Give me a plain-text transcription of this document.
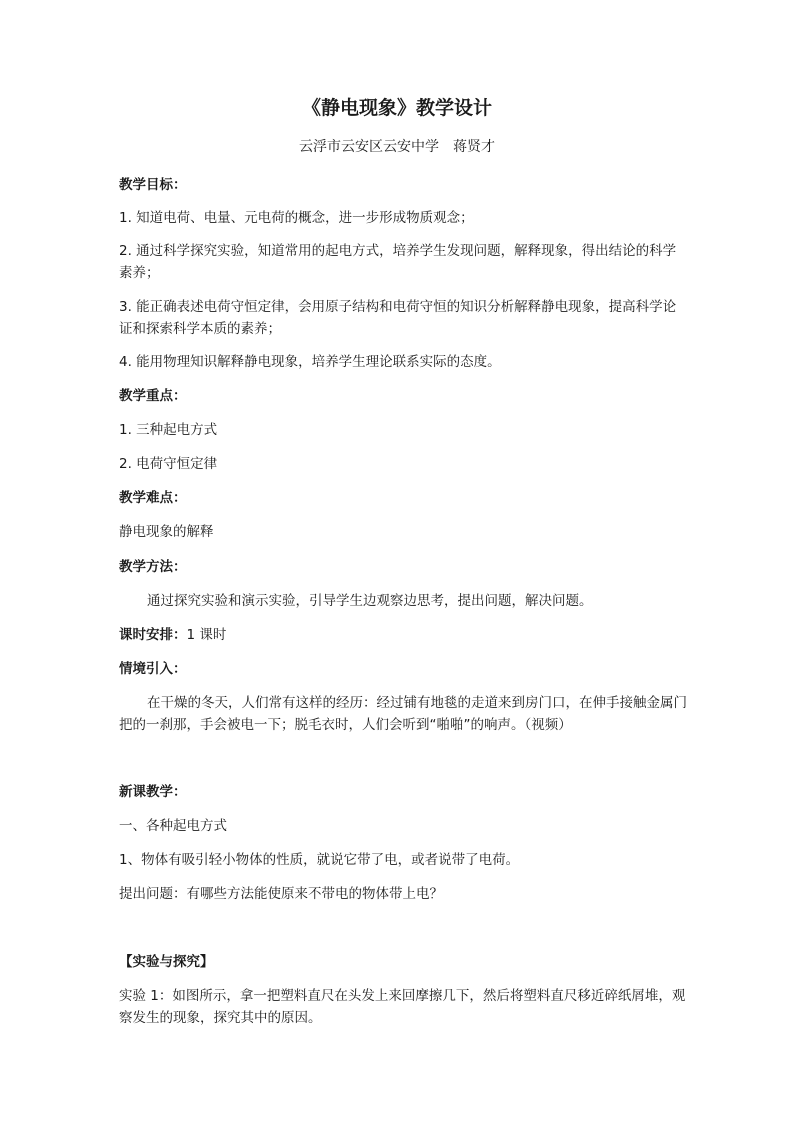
《静电现象》教学设计
云浮市云安区云安中学　蒋贤才
教学目标：
1. 知道电荷、电量、元电荷的概念，进一步形成物质观念；
2. 通过科学探究实验，知道常用的起电方式，培养学生发现问题，解释现象，得出结论的科学素养；
3. 能正确表述电荷守恒定律，会用原子结构和电荷守恒的知识分析解释静电现象，提高科学论证和探索科学本质的素养；
4. 能用物理知识解释静电现象，培养学生理论联系实际的态度。
教学重点：
1. 三种起电方式
2. 电荷守恒定律
教学难点：
静电现象的解释
教学方法：
通过探究实验和演示实验，引导学生边观察边思考，提出问题，解决问题。
课时安排：1 课时
情境引入：
在干燥的冬天，人们常有这样的经历：经过铺有地毯的走道来到房门口，在伸手接触金属门把的一刹那，手会被电一下；脱毛衣时，人们会听到“啪啪”的响声。（视频）
新课教学：
一、各种起电方式
1、物体有吸引轻小物体的性质，就说它带了电，或者说带了电荷。
提出问题：有哪些方法能使原来不带电的物体带上电？
【实验与探究】
实验 1：如图所示，拿一把塑料直尺在头发上来回摩擦几下，然后将塑料直尺移近碎纸屑堆，观察发生的现象，探究其中的原因。
